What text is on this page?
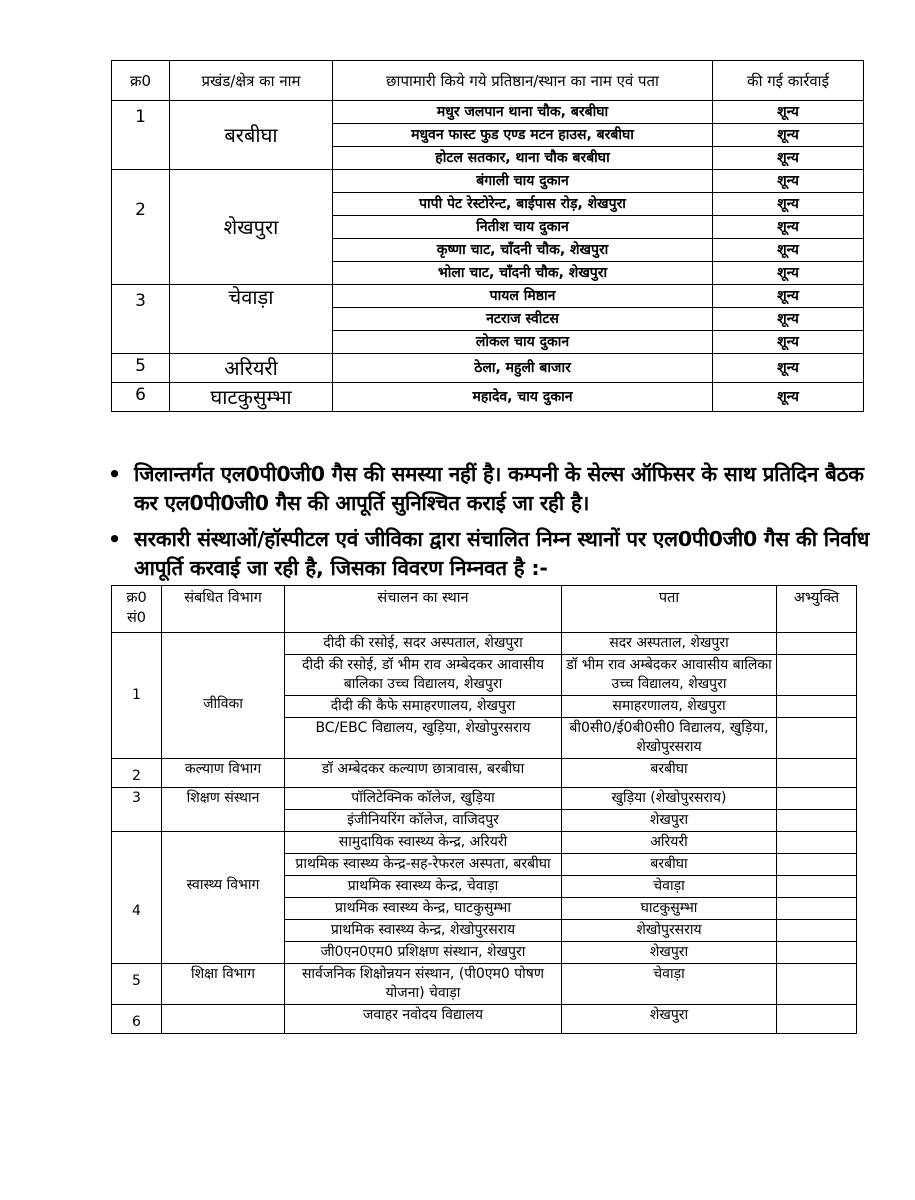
क्र0	प्रखंड/क्षेत्र का नाम	छापामारी किये गये प्रतिष्ठान/स्थान का नाम एवं पता	की गई कार्रवाई
1	बरबीघा	मधुर जलपान थाना चौक, बरबीघा	शून्य
		मधुवन फास्ट फुड एण्ड मटन हाउस, बरबीघा	शून्य
		होटल सतकार, थाना चौक बरबीघा	शून्य
2	शेखपुरा	बंगाली चाय दुकान	शून्य
		पापी पेट रेस्टोरेन्ट, बाईपास रोड़, शेखपुरा	शून्य
		नितीश चाय दुकान	शून्य
		कृष्णा चाट, चाँदनी चौक, शेखपुरा	शून्य
		भोला चाट, चाँदनी चौक, शेखपुरा	शून्य
3	चेवाड़ा	पायल मिष्ठान	शून्य
		नटराज स्वीटस	शून्य
		लोकल चाय दुकान	शून्य
5	अरियरी	ठेला, महुली बाजार	शून्य
6	घाटकुसुम्भा	महादेव, चाय दुकान	शून्य
• जिलान्तर्गत एल0पी0जी0 गैस की समस्या नहीं है। कम्पनी के सेल्स ऑफिसर के साथ प्रतिदिन बैठक कर एल0पी0जी0 गैस की आपूर्ति सुनिश्चित कराई जा रही है।
• सरकारी संस्थाओं/हॉस्पीटल एवं जीविका द्वारा संचालित निम्न स्थानों पर एल0पी0जी0 गैस की निर्वाध आपूर्ति करवाई जा रही है, जिसका विवरण निम्नवत है :-
क्र0 सं0	संबधित विभाग	संचालन का स्थान	पता	अभ्युक्ति
1	जीविका	दीदी की रसोई, सदर अस्पताल, शेखपुरा	सदर अस्पताल, शेखपुरा	
		दीदी की रसोई, डॉ भीम राव अम्बेदकर आवासीय बालिका उच्च विद्यालय, शेखपुरा	डॉ भीम राव अम्बेदकर आवासीय बालिका उच्च विद्यालय, शेखपुरा	
		दीदी की कैफे समाहरणालय, शेखपुरा	समाहरणालय, शेखपुरा	
		BC/EBC विद्यालय, खुड़िया, शेखोपुरसराय	बी0सी0/ई0बी0सी0 विद्यालय, खुड़िया, शेखोपुरसराय	
2	कल्याण विभाग	डॉ अम्बेदकर कल्याण छात्रावास, बरबीघा	बरबीघा	
3	शिक्षण संस्थान	पॉलिटेक्निक कॉलेज, खुड़िया	खुड़िया (शेखोपुरसराय)	
		इंजीनियरिंग कॉलेज, वाजिदपुर	शेखपुरा	
4	स्वास्थ्य विभाग	सामुदायिक स्वास्थ्य केन्द्र, अरियरी	अरियरी	
		प्राथमिक स्वास्थ्य केन्द्र-सह-रेफरल अस्पता, बरबीघा	बरबीघा	
		प्राथमिक स्वास्थ्य केन्द्र, चेवाड़ा	चेवाड़ा	
		प्राथमिक स्वास्थ्य केन्द्र, घाटकुसुम्भा	घाटकुसुम्भा	
		प्राथमिक स्वास्थ्य केन्द्र, शेखोपुरसराय	शेखोपुरसराय	
		जी0एन0एम0 प्रशिक्षण संस्थान, शेखपुरा	शेखपुरा	
5	शिक्षा विभाग	सार्वजनिक शिक्षोन्नयन संस्थान, (पी0एम0 पोषण योजना) चेवाड़ा	चेवाड़ा	
6		जवाहर नवोदय विद्यालय	शेखपुरा	
